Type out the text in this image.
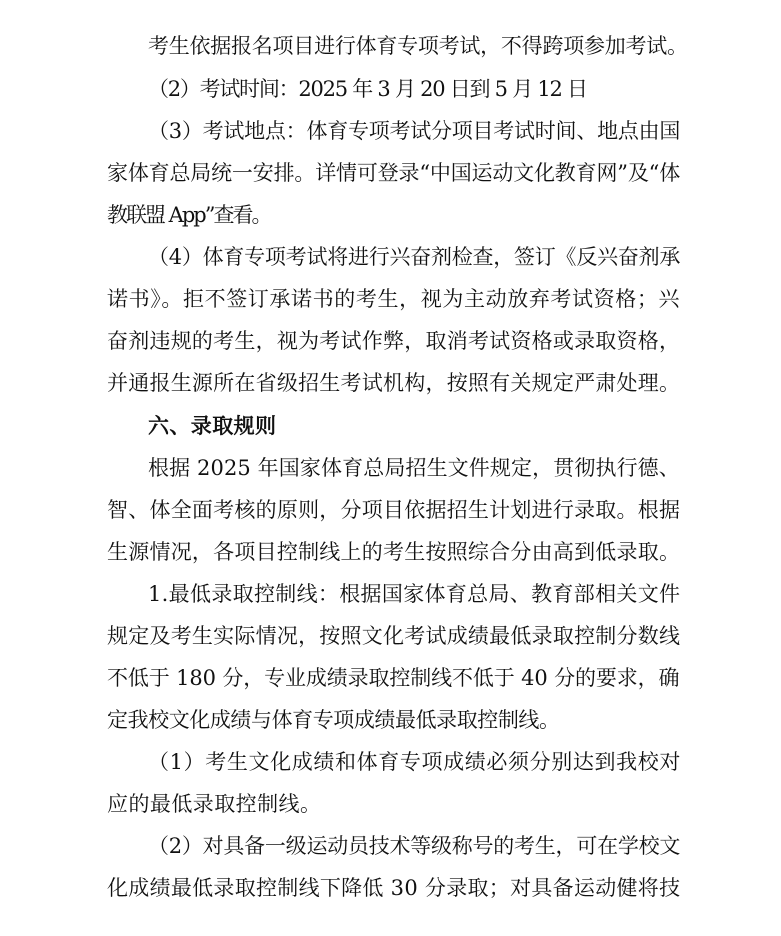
考生依据报名项目进行体育专项考试，不得跨项参加考试。
（2）考试时间：2025 年 3 月 20 日到 5 月 12 日
（3）考试地点：体育专项考试分项目考试时间、地点由国
家体育总局统一安排。详情可登录“中国运动文化教育网”及“体
教联盟 App”查看。
（4）体育专项考试将进行兴奋剂检查，签订《反兴奋剂承
诺书》。拒不签订承诺书的考生，视为主动放弃考试资格；兴
奋剂违规的考生，视为考试作弊，取消考试资格或录取资格，
并通报生源所在省级招生考试机构，按照有关规定严肃处理。
六、录取规则
根据 2025 年国家体育总局招生文件规定，贯彻执行德、
智、体全面考核的原则，分项目依据招生计划进行录取。根据
生源情况，各项目控制线上的考生按照综合分由高到低录取。
1.最低录取控制线：根据国家体育总局、教育部相关文件
规定及考生实际情况，按照文化考试成绩最低录取控制分数线
不低于 180 分，专业成绩录取控制线不低于 40 分的要求，确
定我校文化成绩与体育专项成绩最低录取控制线。
（1）考生文化成绩和体育专项成绩必须分别达到我校对
应的最低录取控制线。
（2）对具备一级运动员技术等级称号的考生，可在学校文
化成绩最低录取控制线下降低 30 分录取；对具备运动健将技
